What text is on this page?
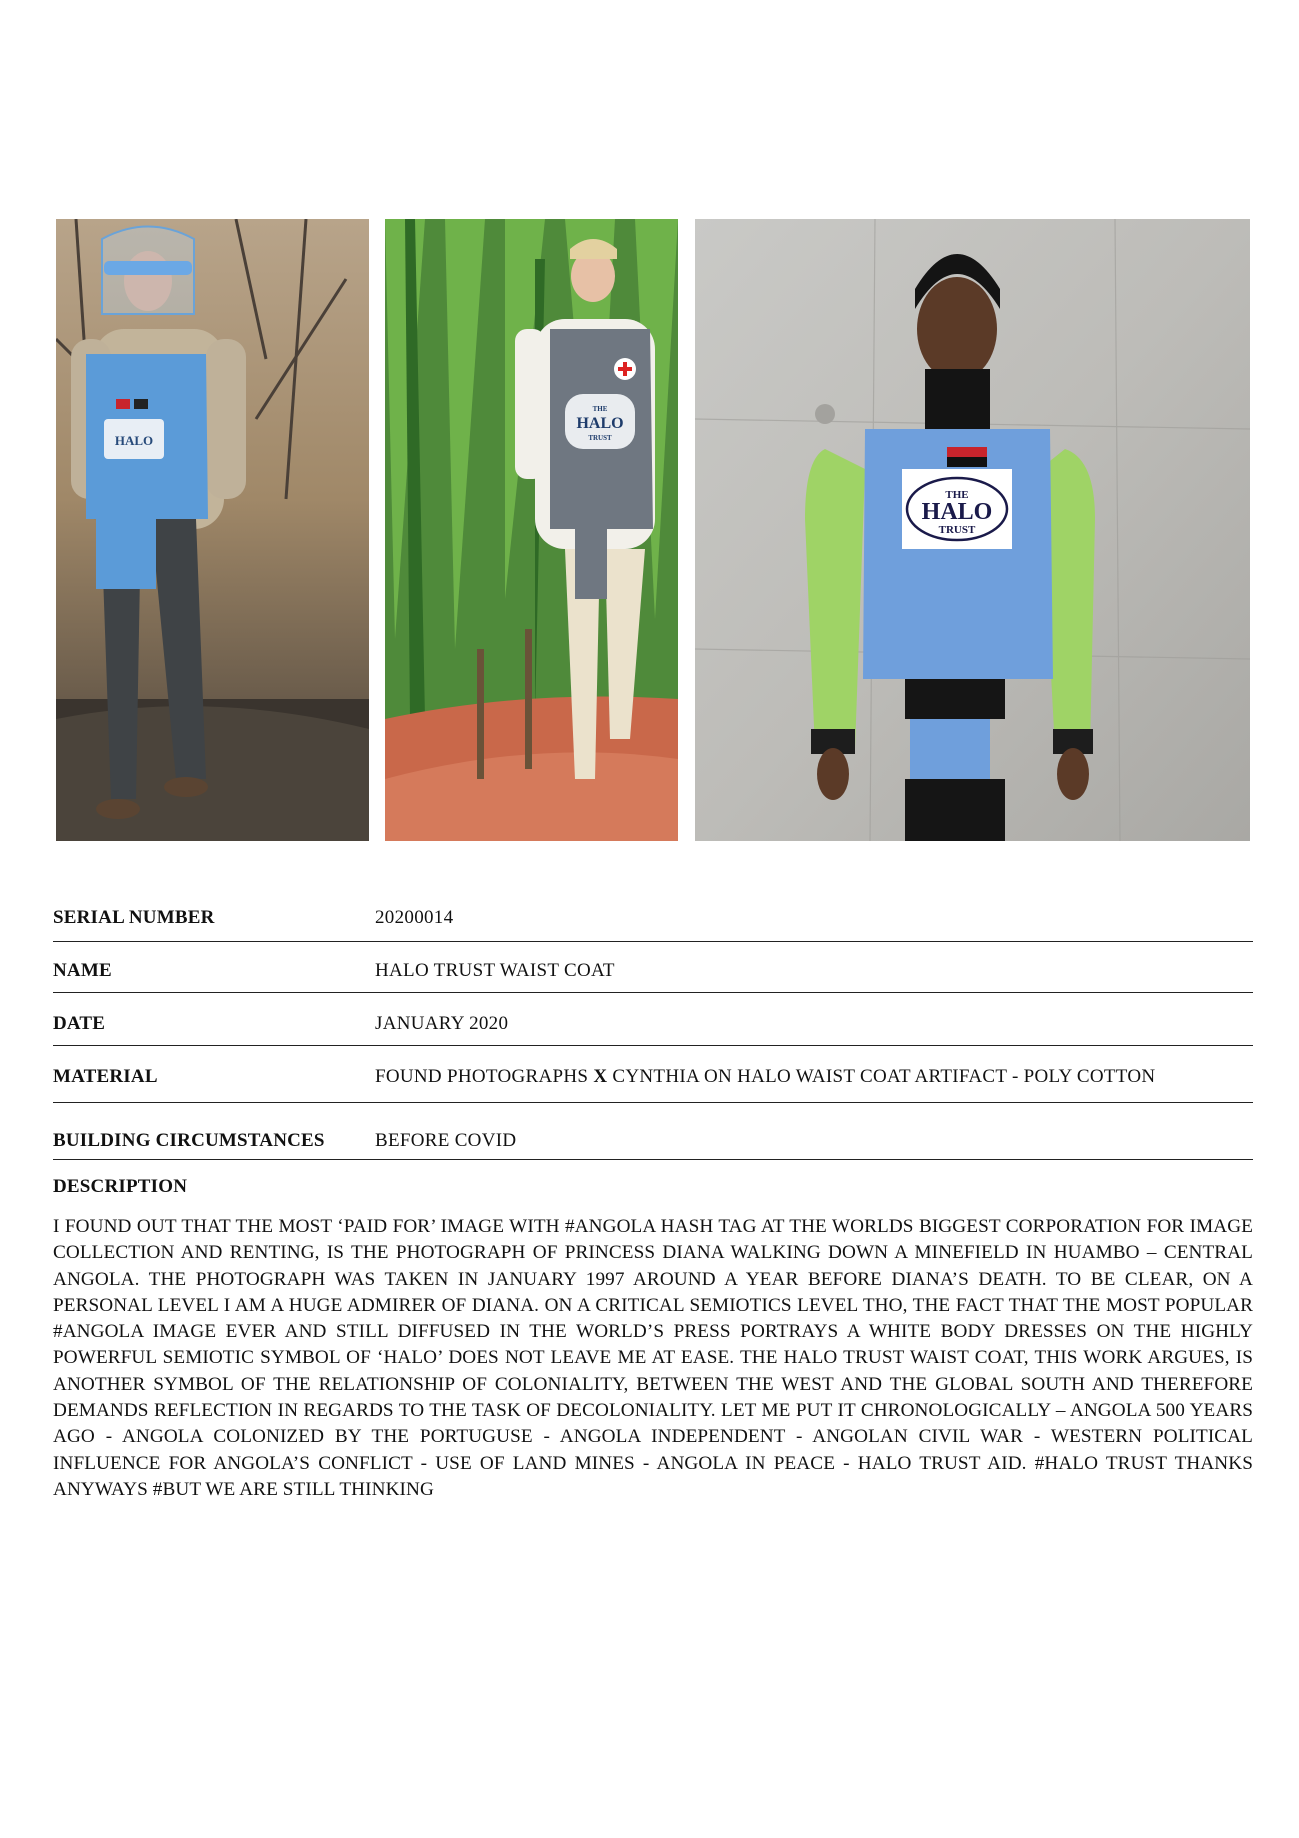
HALO
THE
HALO
TRUST
THE
HALO
TRUST
SERIAL NUMBER	20200014
NAME	HALO TRUST WAIST COAT
DATE	JANUARY 2020
MATERIAL	FOUND PHOTOGRAPHS X CYNTHIA ON HALO WAIST COAT ARTIFACT - POLY COTTON
BUILDING CIRCUMSTANCES	BEFORE COVID
DESCRIPTION
I FOUND OUT THAT THE MOST ‘PAID FOR’ IMAGE WITH #ANGOLA HASH TAG AT THE WORLDS BIGGEST CORPORATION FOR IMAGE COLLECTION AND RENTING, IS THE PHOTOGRAPH OF PRINCESS DIANA WALKING DOWN A MINEFIELD IN HUAMBO – CENTRAL ANGOLA. THE PHOTOGRAPH WAS TAKEN IN JANUARY 1997 AROUND A YEAR BEFORE DIANA’S DEATH. TO BE CLEAR, ON A PERSONAL LEVEL I AM A HUGE ADMIRER OF DIANA. ON A CRITICAL SEMIOTICS LEVEL THO, THE FACT THAT THE MOST POPULAR #ANGOLA IMAGE EVER AND STILL DIFFUSED IN THE WORLD’S PRESS PORTRAYS A WHITE BODY DRESSES ON THE HIGHLY POWERFUL SEMIOTIC SYMBOL OF ‘HALO’ DOES NOT LEAVE ME AT EASE. THE HALO TRUST WAIST COAT, THIS WORK ARGUES, IS ANOTHER SYMBOL OF THE RELATIONSHIP OF COLONIALITY, BETWEEN THE WEST AND THE GLOBAL SOUTH AND THEREFORE DEMANDS REFLECTION IN REGARDS TO THE TASK OF DECOLONIALITY. LET ME PUT IT CHRONOLOGICALLY – ANGOLA 500 YEARS AGO - ANGOLA COLONIZED BY THE PORTUGUSE - ANGOLA INDEPENDENT - ANGOLAN CIVIL WAR - WESTERN POLITICAL INFLUENCE FOR ANGOLA’S CONFLICT - USE OF LAND MINES - ANGOLA IN PEACE - HALO TRUST AID. #HALO TRUST THANKS ANYWAYS #BUT WE ARE STILL THINKING
